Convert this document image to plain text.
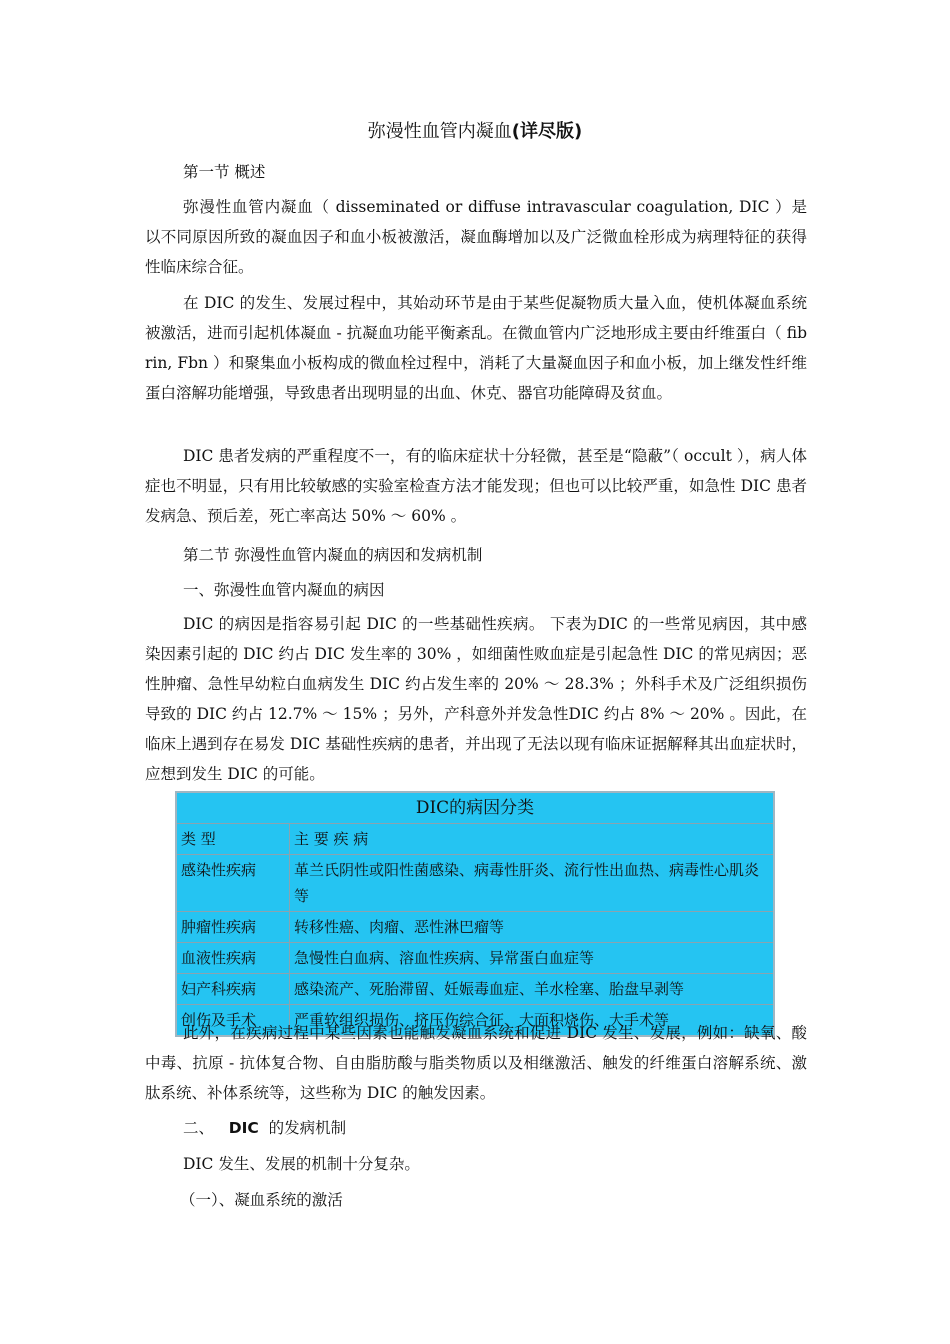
弥漫性血管内凝血(详尽版)

第一节 概述

弥漫性血管内凝血（ disseminated or diffuse intravascular coagulation, DIC ）是以不同原因所致的凝血因子和血小板被激活，凝血酶增加以及广泛微血栓形成为病理特征的获得性临床综合征。

在 DIC 的发生、发展过程中，其始动环节是由于某些促凝物质大量入血，使机体凝血系统被激活，进而引起机体凝血 - 抗凝血功能平衡紊乱。在微血管内广泛地形成主要由纤维蛋白（ fibrin, Fbn ）和聚集血小板构成的微血栓过程中，消耗了大量凝血因子和血小板，加上继发性纤维蛋白溶解功能增强，导致患者出现明显的出血、休克、器官功能障碍及贫血。

DIC 患者发病的严重程度不一，有的临床症状十分轻微，甚至是“隐蔽”（ occult ），病人体症也不明显，只有用比较敏感的实验室检查方法才能发现；但也可以比较严重，如急性 DIC 患者发病急、预后差，死亡率高达 50% ～ 60% 。

第二节 弥漫性血管内凝血的病因和发病机制

一、弥漫性血管内凝血的病因

DIC 的病因是指容易引起 DIC 的一些基础性疾病。 下表为DIC 的一些常见病因，其中感染因素引起的 DIC 约占 DIC 发生率的 30% ，如细菌性败血症是引起急性 DIC 的常见病因；恶性肿瘤、急性早幼粒白血病发生 DIC 约占发生率的 20% ～ 28.3% ；外科手术及广泛组织损伤导致的 DIC 约占 12.7% ～ 15% ；另外，产科意外并发急性DIC 约占 8% ～ 20% 。因此，在临床上遇到存在易发 DIC 基础性疾病的患者，并出现了无法以现有临床证据解释其出血症状时，应想到发生 DIC 的可能。

DIC的病因分类	
类 型	主 要 疾 病
感染性疾病	革兰氏阴性或阳性菌感染、病毒性肝炎、流行性出血热、病毒性心肌炎等
肿瘤性疾病	转移性癌、肉瘤、恶性淋巴瘤等
血液性疾病	急慢性白血病、溶血性疾病、异常蛋白血症等
妇产科疾病	感染流产、死胎滞留、妊娠毒血症、羊水栓塞、胎盘早剥等
创伤及手术	严重软组织损伤、挤压伤综合征、大面积烧伤、大手术等

此外，在疾病过程中某些因素也能触发凝血系统和促进 DIC 发生、发展，例如：缺氧、酸中毒、抗原 - 抗体复合物、自由脂肪酸与脂类物质以及相继激活、触发的纤维蛋白溶解系统、激肽系统、补体系统等，这些称为 DIC 的触发因素。

二、 DIC 的发病机制

DIC 发生、发展的机制十分复杂。

（一）、凝血系统的激活
